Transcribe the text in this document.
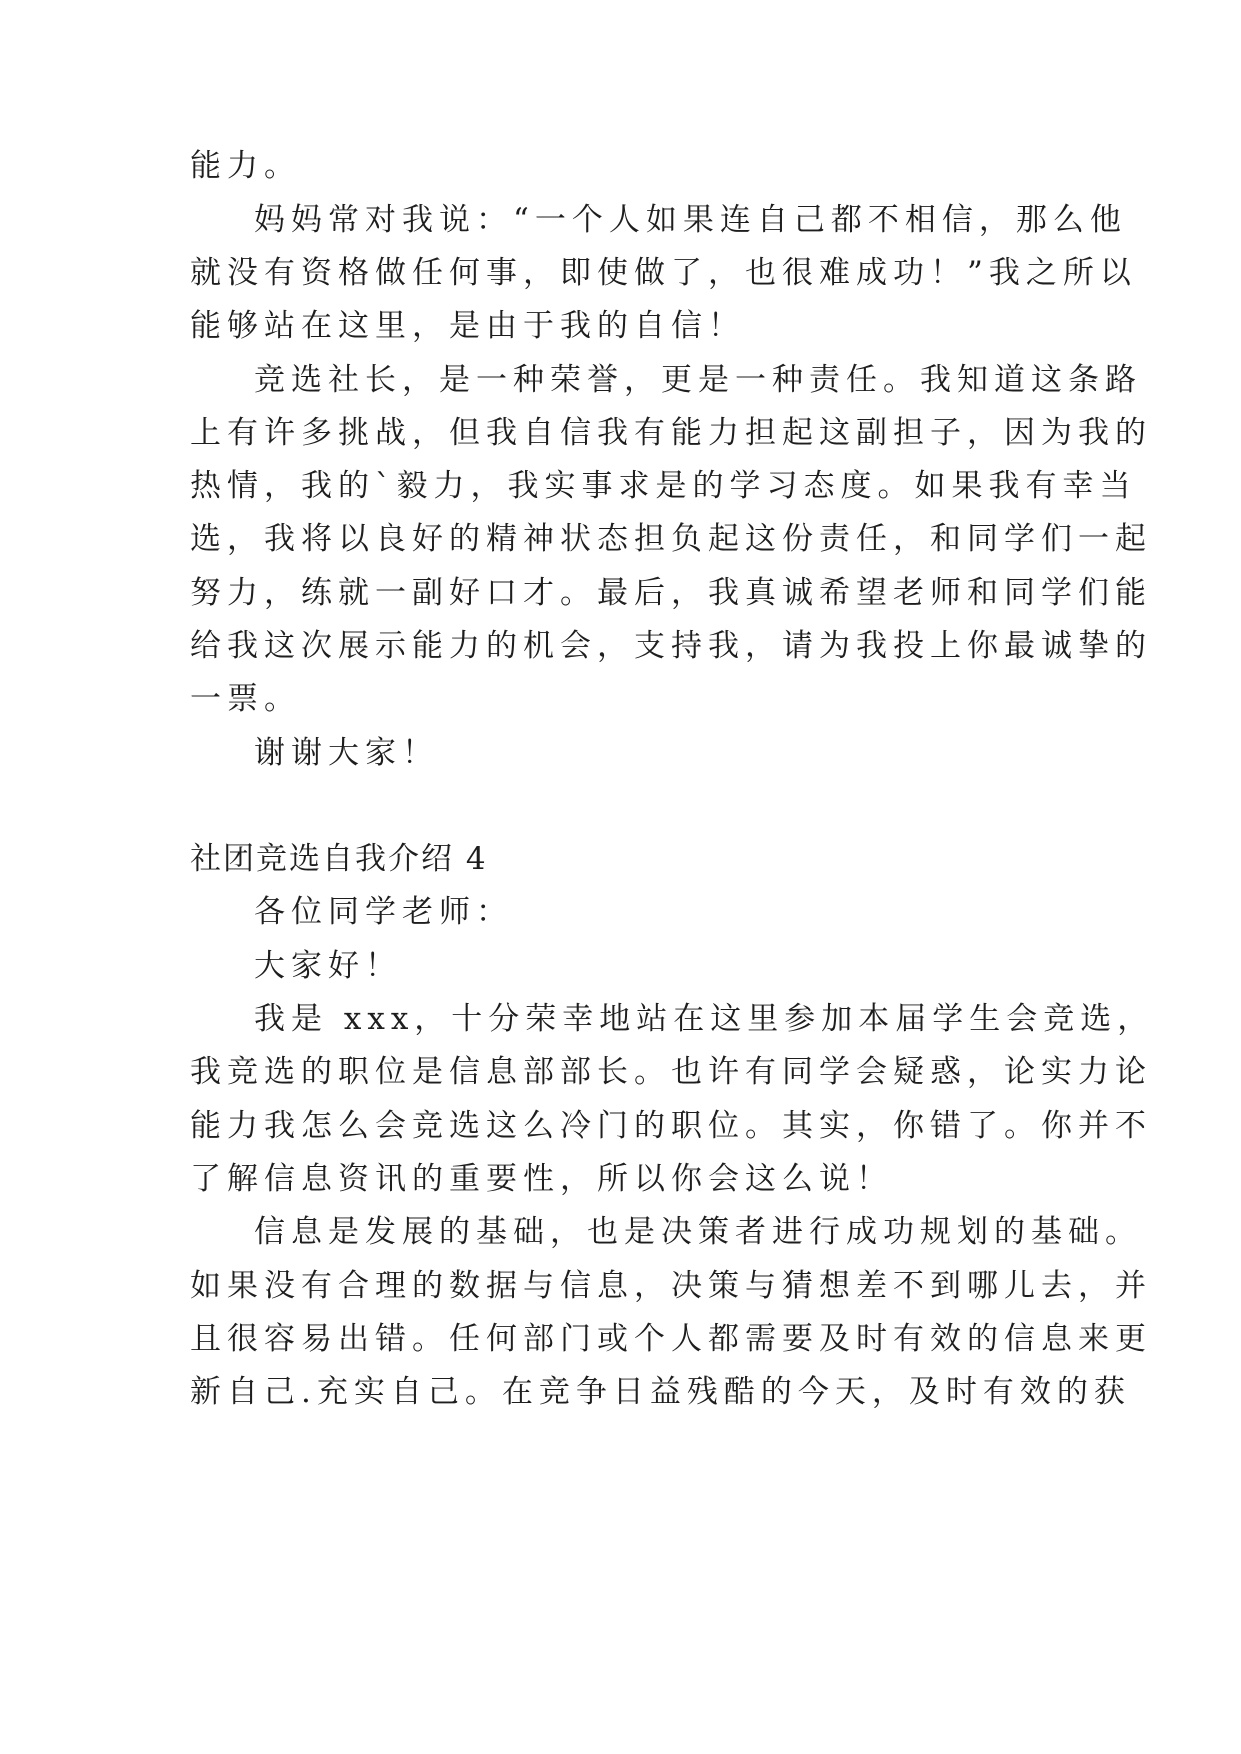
能力。
妈妈常对我说：“一个人如果连自己都不相信，那么他
就没有资格做任何事，即使做了，也很难成功！”我之所以
能够站在这里，是由于我的自信！
竞选社长，是一种荣誉，更是一种责任。我知道这条路
上有许多挑战，但我自信我有能力担起这副担子，因为我的
热情，我的`毅力，我实事求是的学习态度。如果我有幸当
选，我将以良好的精神状态担负起这份责任，和同学们一起
努力，练就一副好口才。最后，我真诚希望老师和同学们能
给我这次展示能力的机会，支持我，请为我投上你最诚挚的
一票。
谢谢大家！
社团竞选自我介绍 4
各位同学老师：
大家好！
我是 xxx，十分荣幸地站在这里参加本届学生会竞选，
我竞选的职位是信息部部长。也许有同学会疑惑，论实力论
能力我怎么会竞选这么冷门的职位。其实，你错了。你并不
了解信息资讯的重要性，所以你会这么说！
信息是发展的基础，也是决策者进行成功规划的基础。
如果没有合理的数据与信息，决策与猜想差不到哪儿去，并
且很容易出错。任何部门或个人都需要及时有效的信息来更
新自己.充实自己。在竞争日益残酷的今天，及时有效的获
